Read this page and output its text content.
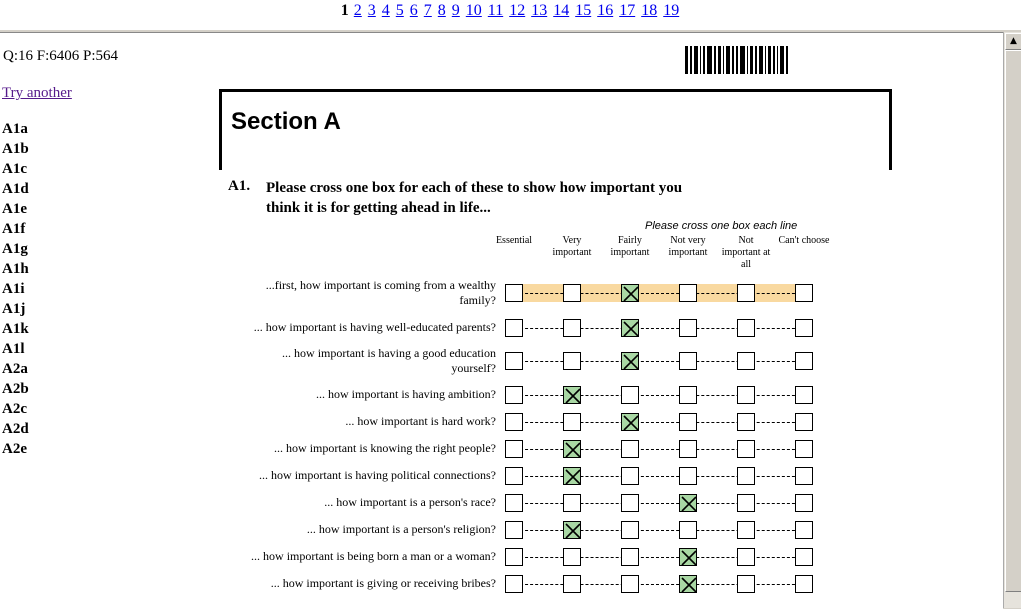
1 2 3 4 5 6 7 8 9 10 11 12 13 14 15 16 17 18 19
Q:16 F:6406 P:564
Try another
A1a
A1b
A1c
A1d
A1e
A1f
A1g
A1h
A1i
A1j
A1k
A1l
A2a
A2b
A2c
A2d
A2e
Section A
A1. Please cross one box for each of these to show how important you
think it is for getting ahead in life...
Please cross one box each line
Essential	Very
important
Fairly
important
Not very
important
Not
important at
all
Can't choose
...first, how important is coming from a wealthy
family?
... how important is having well-educated parents?
... how important is having a good education
yourself?
... how important is having ambition?
... how important is hard work?
... how important is knowing the right people?
... how important is having political connections?
... how important is a person's race?
... how important is a person's religion?
... how important is being born a man or a woman?
... how important is giving or receiving bribes?
▲
